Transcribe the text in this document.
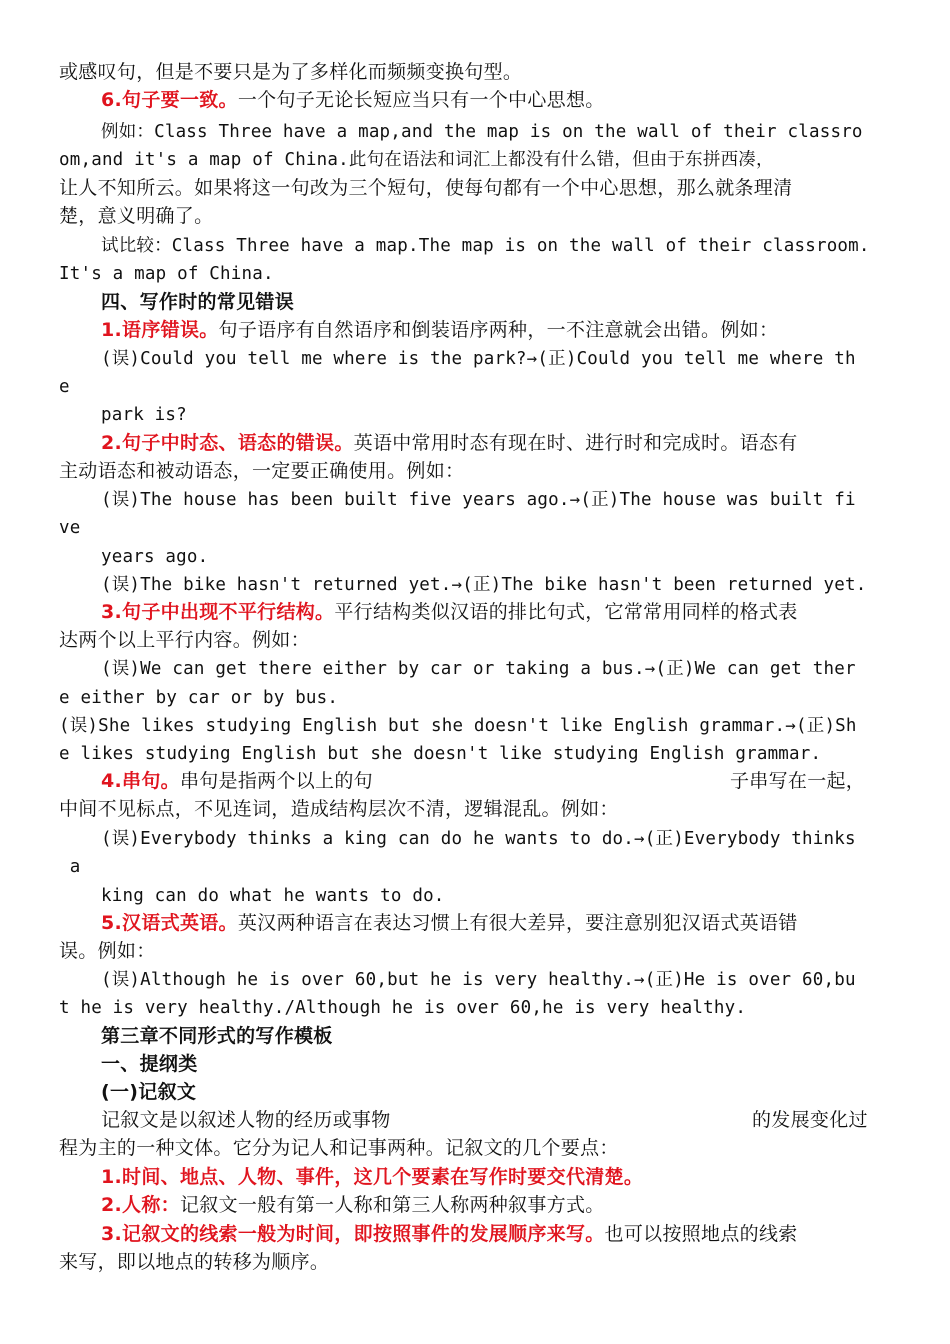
或感叹句，但是不要只是为了多样化而频频变换句型。
6.句子要一致。一个句子无论长短应当只有一个中心思想。
例如：Class Three have a map,and the map is on the wall of their classro
om,and it's a map of China.此句在语法和词汇上都没有什么错，但由于东拼西凑，
让人不知所云。如果将这一句改为三个短句，使每句都有一个中心思想，那么就条理清
楚，意义明确了。
试比较：Class Three have a map.The map is on the wall of their classroom.
It's a map of China.
四、写作时的常见错误
1.语序错误。句子语序有自然语序和倒装语序两种，一不注意就会出错。例如：
(误)Could you tell me where is the park?→(正)Could you tell me where th
e
park is?
2.句子中时态、语态的错误。英语中常用时态有现在时、进行时和完成时。语态有
主动语态和被动语态，一定要正确使用。例如：
(误)The house has been built five years ago.→(正)The house was built fi
ve
years ago.
(误)The bike hasn't returned yet.→(正)The bike hasn't been returned yet.
3.句子中出现不平行结构。平行结构类似汉语的排比句式，它常常用同样的格式表
达两个以上平行内容。例如：
(误)We can get there either by car or taking a bus.→(正)We can get ther
e either by car or by bus.
(误)She likes studying English but she doesn't like English grammar.→(正)Sh
e likes studying English but she doesn't like studying English grammar.
4.串句。串句是指两个以上的句	子串写在一起，
中间不见标点，不见连词，造成结构层次不清，逻辑混乱。例如：
(误)Everybody thinks a king can do he wants to do.→(正)Everybody thinks
a
king can do what he wants to do.
5.汉语式英语。英汉两种语言在表达习惯上有很大差异，要注意别犯汉语式英语错
误。例如：
(误)Although he is over 60,but he is very healthy.→(正)He is over 60,bu
t he is very healthy./Although he is over 60,he is very healthy.
第三章不同形式的写作模板
一、提纲类
(一)记叙文
记叙文是以叙述人物的经历或事物	的发展变化过
程为主的一种文体。它分为记人和记事两种。记叙文的几个要点：
1.时间、地点、人物、事件，这几个要素在写作时要交代清楚。
2.人称：记叙文一般有第一人称和第三人称两种叙事方式。
3.记叙文的线索一般为时间，即按照事件的发展顺序来写。也可以按照地点的线索
来写，即以地点的转移为顺序。
